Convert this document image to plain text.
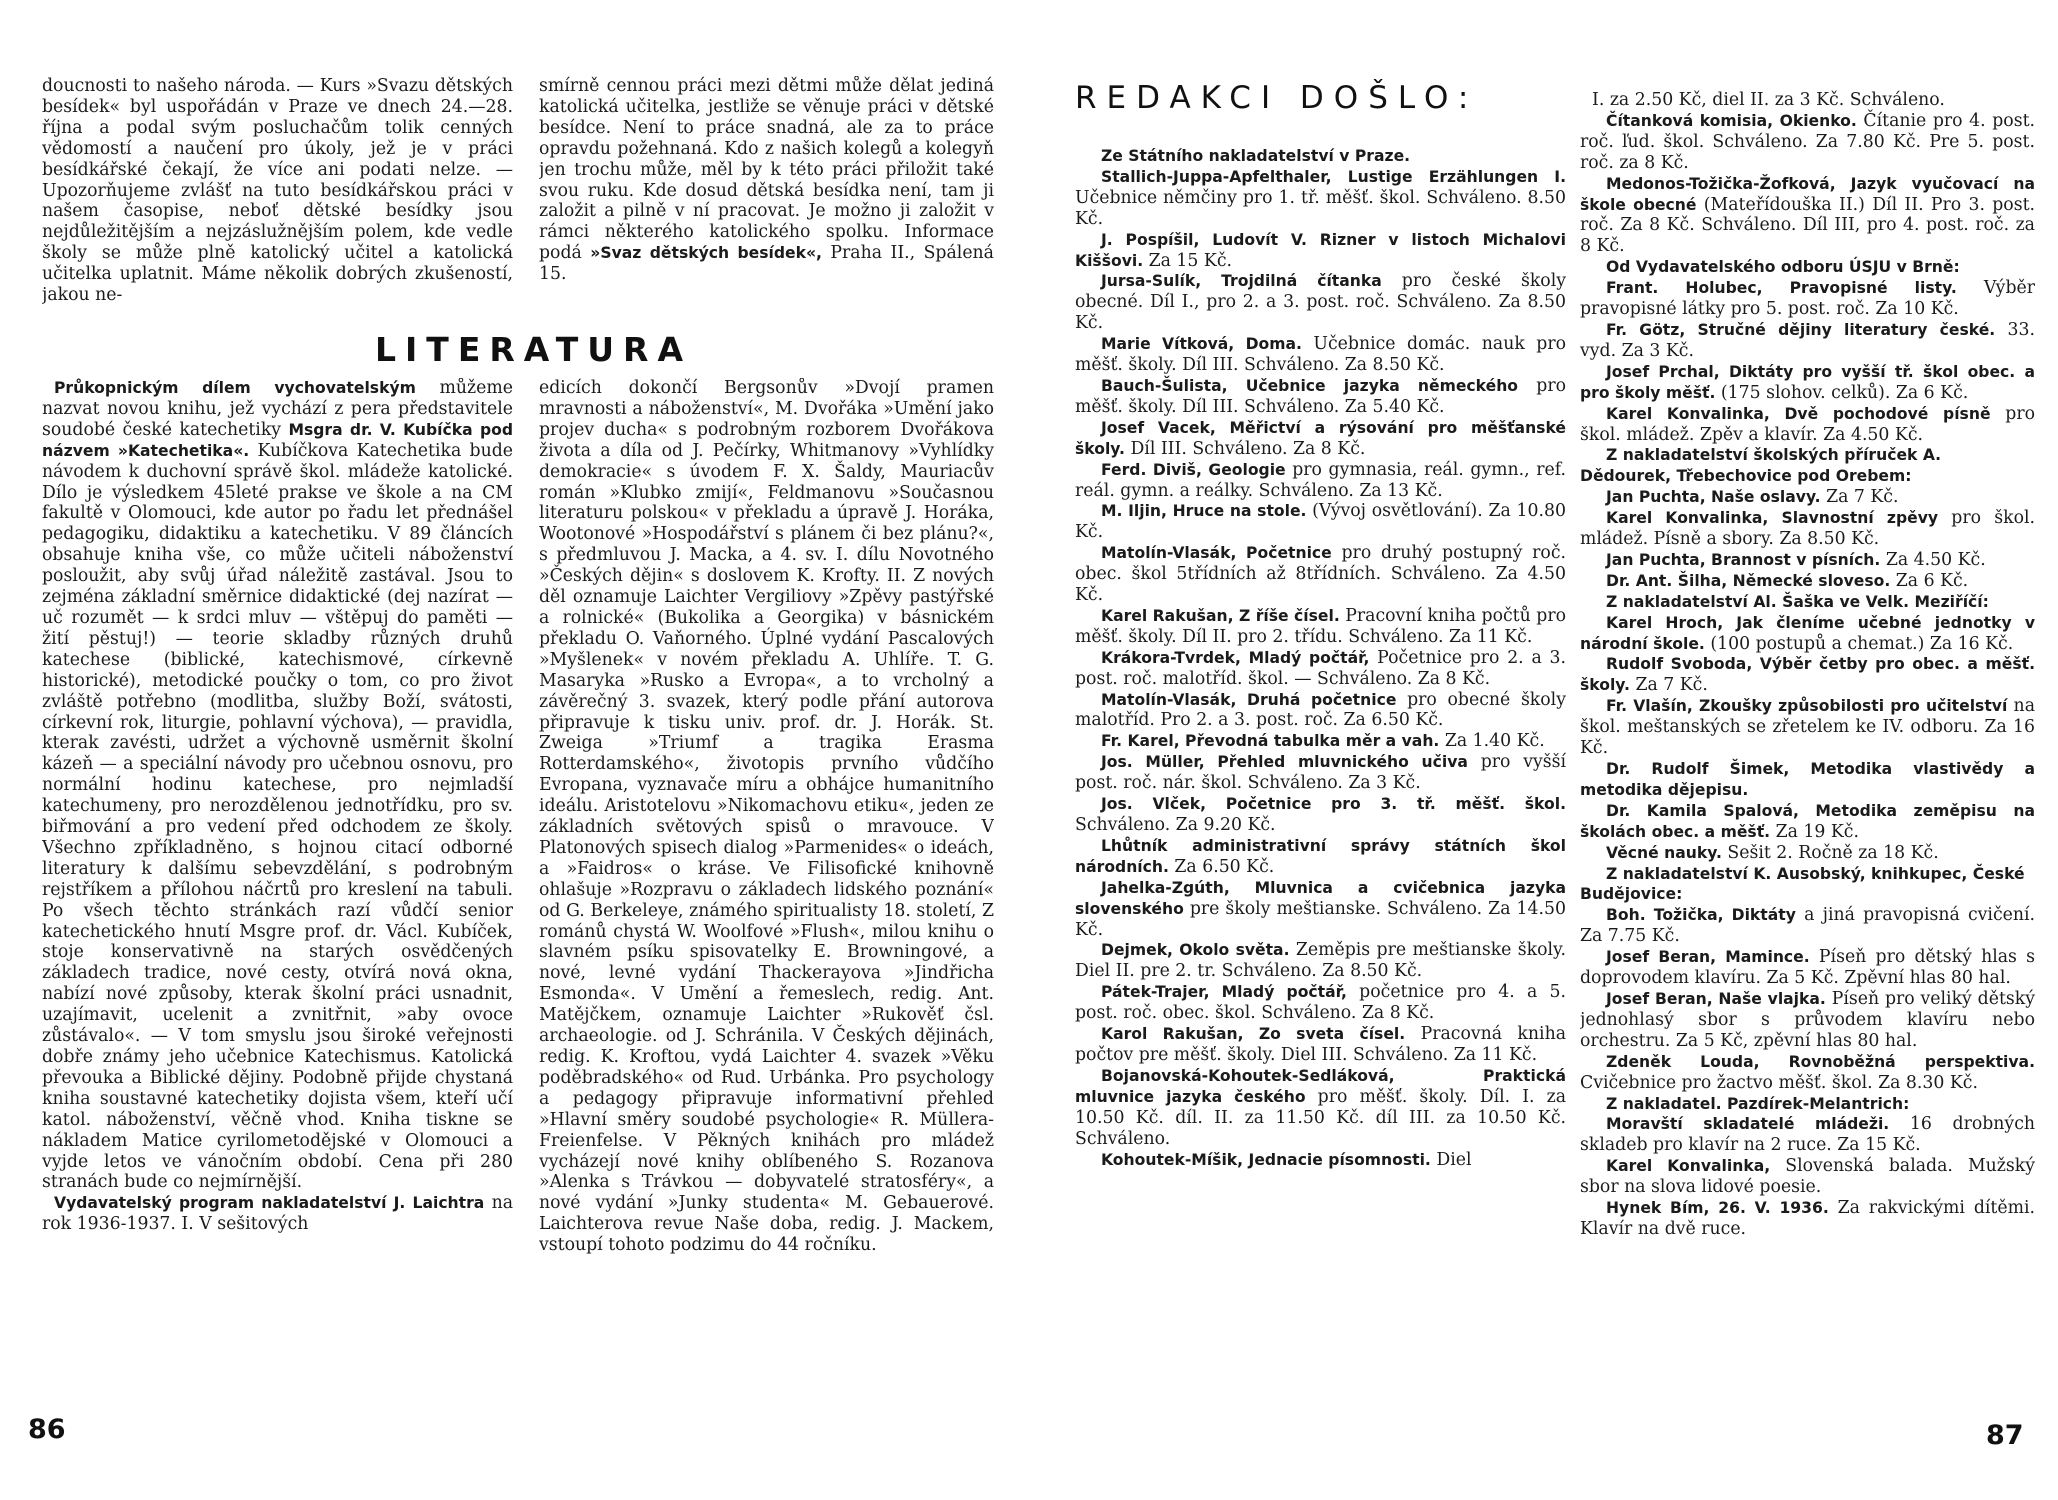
doucnosti to našeho národa. — Kurs »Svazu dětských besídek« byl uspořádán v Praze ve dnech 24.—28. října a podal svým posluchačům tolik cenných vědomostí a naučení pro úkoly, jež je v práci besídkářské čekají, že více ani podati nelze. — Upozorňujeme zvlášť na tuto besídkářskou práci v našem časopise, neboť dětské besídky jsou nejdůležitějším a nejzáslužnějším polem, kde vedle školy se může plně katolický učitel a katolická učitelka uplatnit. Máme několik dobrých zkušeností, jakou ne-

smírně cennou práci mezi dětmi může dělat jediná katolická učitelka, jestliže se věnuje práci v dětské besídce. Není to práce snadná, ale za to práce opravdu požehnaná. Kdo z našich kolegů a kolegyň jen trochu může, měl by k této práci přiložit také svou ruku. Kde dosud dětská besídka není, tam ji založit a pilně v ní pracovat. Je možno ji založit v rámci některého katolického spolku. Informace podá »Svaz dětských besídek«, Praha II., Spálená 15.

LITERATURA

Průkopnickým dílem vychovatelským můžeme nazvat novou knihu, jež vychází z pera představitele soudobé české katechetiky Msgra dr. V. Kubíčka pod názvem »Katechetika«. Kubíčkova Katechetika bude návodem k duchovní správě škol. mládeže katolické. Dílo je výsledkem 45leté prakse ve škole a na CM fakultě v Olomouci, kde autor po řadu let přednášel pedagogiku, didaktiku a katechetiku. V 89 článcích obsahuje kniha vše, co může učiteli náboženství posloužit, aby svůj úřad náležitě zastával. Jsou to zejména základní směrnice didaktické (dej nazírat — uč rozumět — k srdci mluv — vštěpuj do paměti — žití pěstuj!) — teorie skladby různých druhů katechese (biblické, katechismové, církevně historické), metodické poučky o tom, co pro život zvláště potřebno (modlitba, služby Boží, svátosti, církevní rok, liturgie, pohlavní výchova), — pravidla, kterak zavésti, udržet a výchovně usměrnit školní kázeň — a speciální návody pro učebnou osnovu, pro normální hodinu katechese, pro nejmladší katechumeny, pro nerozdělenou jednotřídku, pro sv. biřmování a pro vedení před odchodem ze školy. Všechno zpříkladněno, s hojnou citací odborné literatury k dalšímu sebevzdělání, s podrobným rejstříkem a přílohou náčrtů pro kreslení na tabuli. Po všech těchto stránkách razí vůdčí senior katechetického hnutí Msgre prof. dr. Václ. Kubíček, stoje konservativně na starých osvědčených základech tradice, nové cesty, otvírá nová okna, nabízí nové způsoby, kterak školní práci usnadnit, uzajímavit, ucelenit a zvnitřnit, »aby ovoce zůstávalo«. — V tom smyslu jsou široké veřejnosti dobře známy jeho učebnice Katechismus. Katolická převouka a Biblické dějiny. Podobně přijde chystaná kniha soustavné katechetiky dojista všem, kteří učí katol. náboženství, věčně vhod. Kniha tiskne se nákladem Matice cyrilometodějské v Olomouci a vyjde letos ve vánočním období. Cena při 280 stranách bude co nejmírnější.

Vydavatelský program nakladatelství J. Laichtra na rok 1936-1937. I. V sešitových

edicích dokončí Bergsonův »Dvojí pramen mravnosti a náboženství«, M. Dvořáka »Umění jako projev ducha« s podrobným rozborem Dvořákova života a díla od J. Pečírky, Whitmanovy »Vyhlídky demokracie« s úvodem F. X. Šaldy, Mauriacův román »Klubko zmijí«, Feldmanovu »Současnou literaturu polskou« v překladu a úpravě J. Horáka, Wootonové »Hospodářství s plánem či bez plánu?«, s předmluvou J. Macka, a 4. sv. I. dílu Novotného »Českých dějin« s doslovem K. Krofty. II. Z nových děl oznamuje Laichter Vergiliovy »Zpěvy pastýřské a rolnické« (Bukolika a Georgika) v básnickém překladu O. Vaňorného. Úplné vydání Pascalových »Myšlenek« v novém překladu A. Uhlíře. T. G. Masaryka »Rusko a Evropa«, a to vrcholný a závěrečný 3. svazek, který podle přání autorova připravuje k tisku univ. prof. dr. J. Horák. St. Zweiga »Triumf a tragika Erasma Rotterdamského«, životopis prvního vůdčího Evropana, vyznavače míru a obhájce humanitního ideálu. Aristotelovu »Nikomachovu etiku«, jeden ze základních světových spisů o mravouce. V Platonových spisech dialog »Parmenides« o ideách, a »Faidros« o kráse. Ve Filisofické knihovně ohlašuje »Rozpravu o základech lidského poznání« od G. Berkeleye, známého spiritualisty 18. století, Z románů chystá W. Woolfové »Flush«, milou knihu o slavném psíku spisovatelky E. Browningové, a nové, levné vydání Thackerayova »Jindřicha Esmonda«. V Umění a řemeslech, redig. Ant. Matějčkem, oznamuje Laichter »Rukověť čsl. archaeologie. od J. Schránila. V Českých dějinách, redig. K. Kroftou, vydá Laichter 4. svazek »Věku poděbradského« od Rud. Urbánka. Pro psychology a pedagogy připravuje informativní přehled »Hlavní směry soudobé psychologie« R. Müllera-Freienfelse. V Pěkných knihách pro mládež vycházejí nové knihy oblíbeného S. Rozanova »Alenka s Trávkou — dobyvatelé stratosféry«, a nové vydání »Junky studenta« M. Gebauerové. Laichterova revue Naše doba, redig. J. Mackem, vstoupí tohoto podzimu do 44 ročníku.

86
REDAKCI DOŠLO:

Ze Státního nakladatelství v Praze.

Stallich-Juppa-Apfelthaler, Lustige Erzählungen I. Učebnice němčiny pro 1. tř. měšť. škol. Schváleno. 8.50 Kč.

J. Pospíšil, Ludovít V. Rizner v listoch Michalovi Kiššovi. Za 15 Kč.

Jursa-Sulík, Trojdilná čítanka pro české školy obecné. Díl I., pro 2. a 3. post. roč. Schváleno. Za 8.50 Kč.

Marie Vítková, Doma. Učebnice domác. nauk pro měšť. školy. Díl III. Schváleno. Za 8.50 Kč.

Bauch-Šulista, Učebnice jazyka německého pro měšť. školy. Díl III. Schváleno. Za 5.40 Kč.

Josef Vacek, Měřictví a rýsování pro měšťanské školy. Díl III. Schváleno. Za 8 Kč.

Ferd. Diviš, Geologie pro gymnasia, reál. gymn., ref. reál. gymn. a reálky. Schváleno. Za 13 Kč.

M. Iljin, Hruce na stole. (Vývoj osvětlování). Za 10.80 Kč.

Matolín-Vlasák, Početnice pro druhý postupný roč. obec. škol 5třídních až 8třídních. Schváleno. Za 4.50 Kč.

Karel Rakušan, Z říše čísel. Pracovní kniha počtů pro měšť. školy. Díl II. pro 2. třídu. Schváleno. Za 11 Kč.

Krákora-Tvrdek, Mladý počtář, Početnice pro 2. a 3. post. roč. malotříd. škol. — Schváleno. Za 8 Kč.

Matolín-Vlasák, Druhá početnice pro obecné školy malotříd. Pro 2. a 3. post. roč. Za 6.50 Kč.

Fr. Karel, Převodná tabulka měr a vah. Za 1.40 Kč.

Jos. Müller, Přehled mluvnického učiva pro vyšší post. roč. nár. škol. Schváleno. Za 3 Kč.

Jos. Vlček, Početnice pro 3. tř. měšť. škol. Schváleno. Za 9.20 Kč.

Lhůtník administrativní správy státních škol národních. Za 6.50 Kč.

Jahelka-Zgúth, Mluvnica a cvičebnica jazyka slovenského pre školy meštianske. Schváleno. Za 14.50 Kč.

Dejmek, Okolo světa. Zeměpis pre meštianske školy. Diel II. pre 2. tr. Schváleno. Za 8.50 Kč.

Pátek-Trajer, Mladý počtář, početnice pro 4. a 5. post. roč. obec. škol. Schváleno. Za 8 Kč.

Karol Rakušan, Zo sveta čísel. Pracovná kniha počtov pre měšť. školy. Diel III. Schváleno. Za 11 Kč.

Bojanovská-Kohoutek-Sedláková, Praktická mluvnice jazyka českého pro měšť. školy. Díl. I. za 10.50 Kč. díl. II. za 11.50 Kč. díl III. za 10.50 Kč. Schváleno.

Kohoutek-Míšik, Jednacie písomnosti. Diel

I. za 2.50 Kč, diel II. za 3 Kč. Schváleno.

Čítanková komisia, Okienko. Čítanie pro 4. post. roč. ľud. škol. Schváleno. Za 7.80 Kč. Pre 5. post. roč. za 8 Kč.

Medonos-Tožička-Žofková, Jazyk vyučovací na škole obecné (Mateřídouška II.) Díl II. Pro 3. post. roč. Za 8 Kč. Schváleno. Díl III, pro 4. post. roč. za 8 Kč.

Od Vydavatelského odboru ÚSJU v Brně:

Frant. Holubec, Pravopisné listy. Výběr pravopisné látky pro 5. post. roč. Za 10 Kč.

Fr. Götz, Stručné dějiny literatury české. 33. vyd. Za 3 Kč.

Josef Prchal, Diktáty pro vyšší tř. škol obec. a pro školy měšť. (175 slohov. celků). Za 6 Kč.

Karel Konvalinka, Dvě pochodové písně pro škol. mládež. Zpěv a klavír. Za 4.50 Kč.

Z nakladatelství školských příruček A. Dědourek, Třebechovice pod Orebem:

Jan Puchta, Naše oslavy. Za 7 Kč.

Karel Konvalinka, Slavnostní zpěvy pro škol. mládež. Písně a sbory. Za 8.50 Kč.

Jan Puchta, Brannost v písních. Za 4.50 Kč.

Dr. Ant. Šilha, Německé sloveso. Za 6 Kč.

Z nakladatelství Al. Šaška ve Velk. Meziříčí:

Karel Hroch, Jak členíme učebné jednotky v národní škole. (100 postupů a chemat.) Za 16 Kč.

Rudolf Svoboda, Výběr četby pro obec. a měšť. školy. Za 7 Kč.

Fr. Vlašín, Zkoušky způsobilosti pro učitelství na škol. meštanských se zřetelem ke IV. odboru. Za 16 Kč.

Dr. Rudolf Šimek, Metodika vlastivědy a metodika dějepisu.

Dr. Kamila Spalová, Metodika zeměpisu na školách obec. a měšť. Za 19 Kč.

Věcné nauky. Sešit 2. Ročně za 18 Kč.

Z nakladatelství K. Ausobský, knihkupec, České Budějovice:

Boh. Tožička, Diktáty a jiná pravopisná cvičení. Za 7.75 Kč.

Josef Beran, Mamince. Píseň pro dětský hlas s doprovodem klavíru. Za 5 Kč. Zpěvní hlas 80 hal.

Josef Beran, Naše vlajka. Píseň pro veliký dětský jednohlasý sbor s průvodem klavíru nebo orchestru. Za 5 Kč, zpěvní hlas 80 hal.

Zdeněk Louda, Rovnoběžná perspektiva. Cvičebnice pro žactvo měšť. škol. Za 8.30 Kč.

Z nakladatel. Pazdírek-Melantrich:

Moravští skladatelé mládeži. 16 drobných skladeb pro klavír na 2 ruce. Za 15 Kč.

Karel Konvalinka, Slovenská balada. Mužský sbor na slova lidové poesie.

Hynek Bím, 26. V. 1936. Za rakvickými dítěmi. Klavír na dvě ruce.

87
